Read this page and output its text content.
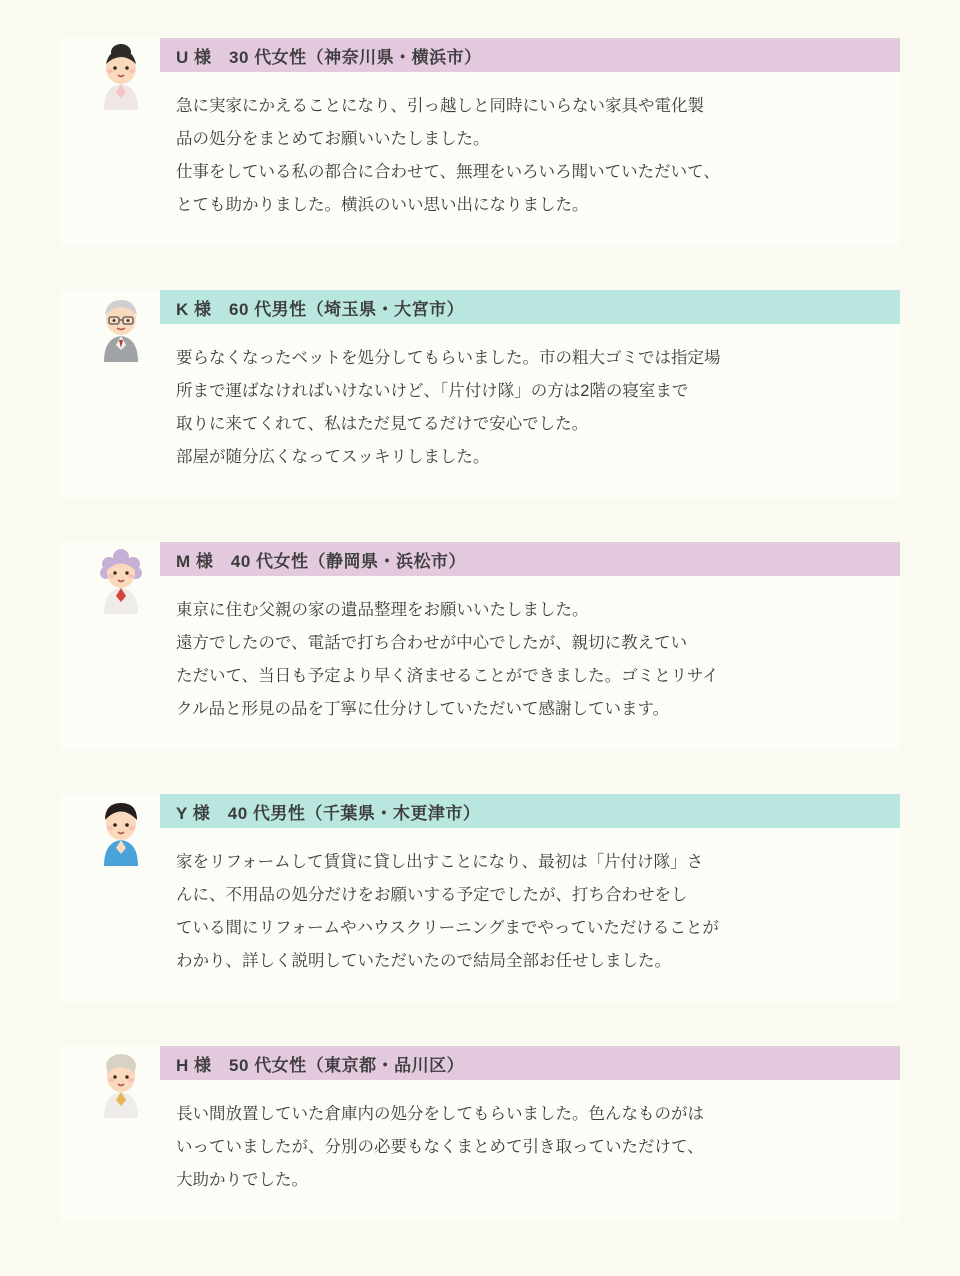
U 様　30 代女性（神奈川県・横浜市）
急に実家にかえることになり、引っ越しと同時にいらない家具や電化製
品の処分をまとめてお願いいたしました。
仕事をしている私の都合に合わせて、無理をいろいろ聞いていただいて、
とても助かりました。横浜のいい思い出になりました。
K 様　60 代男性（埼玉県・大宮市）
要らなくなったベットを処分してもらいました。市の粗大ゴミでは指定場
所まで運ばなければいけないけど、「片付け隊」の方は2階の寝室まで
取りに来てくれて、私はただ見てるだけで安心でした。
部屋が随分広くなってスッキリしました。
M 様　40 代女性（静岡県・浜松市）
東京に住む父親の家の遺品整理をお願いいたしました。
遠方でしたので、電話で打ち合わせが中心でしたが、親切に教えてい
ただいて、当日も予定より早く済ませることができました。ゴミとリサイ
クル品と形見の品を丁寧に仕分けしていただいて感謝しています。
Y 様　40 代男性（千葉県・木更津市）
家をリフォームして賃貸に貸し出すことになり、最初は「片付け隊」さ
んに、不用品の処分だけをお願いする予定でしたが、打ち合わせをし
ている間にリフォームやハウスクリーニングまでやっていただけることが
わかり、詳しく説明していただいたので結局全部お任せしました。
H 様　50 代女性（東京都・品川区）
長い間放置していた倉庫内の処分をしてもらいました。色んなものがは
いっていましたが、分別の必要もなくまとめて引き取っていただけて、
大助かりでした。
